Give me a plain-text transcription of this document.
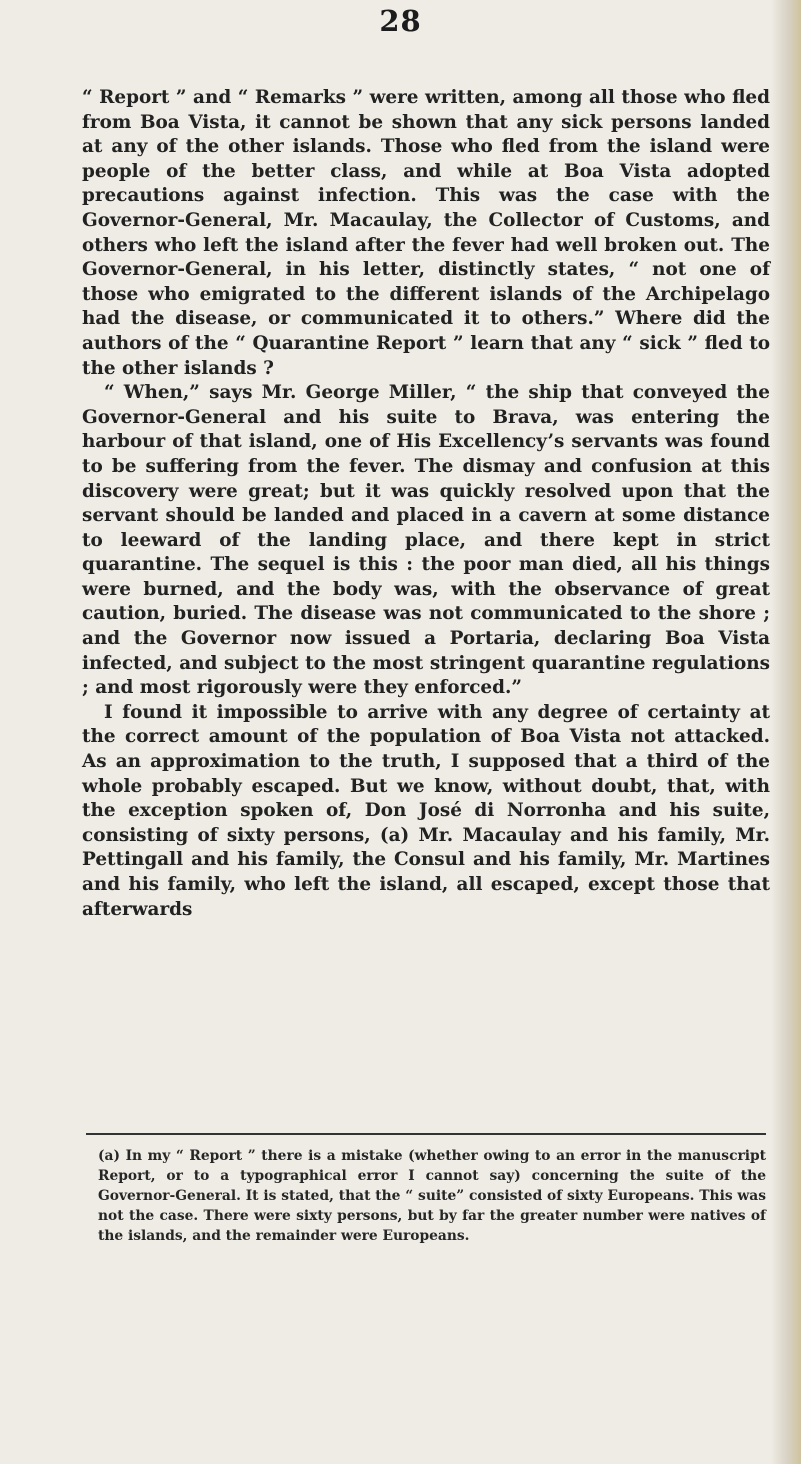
28

“ Report ” and “ Remarks ” were written, among all those who fled from Boa Vista, it cannot be shown that any sick persons landed at any of the other islands. Those who fled from the island were people of the better class, and while at Boa Vista adopted precautions against infection. This was the case with the Governor-General, Mr. Macaulay, the Collector of Customs, and others who left the island after the fever had well broken out. The Governor-General, in his letter, distinctly states, “ not one of those who emigrated to the different islands of the Archipelago had the disease, or communicated it to others.” Where did the authors of the “ Quarantine Report ” learn that any “ sick ” fled to the other islands ?

“ When,” says Mr. George Miller, “ the ship that conveyed the Governor-General and his suite to Brava, was entering the harbour of that island, one of His Excellency’s servants was found to be suffering from the fever. The dismay and confusion at this discovery were great; but it was quickly resolved upon that the servant should be landed and placed in a cavern at some distance to leeward of the landing place, and there kept in strict quarantine. The sequel is this : the poor man died, all his things were burned, and the body was, with the observance of great caution, buried. The disease was not communicated to the shore ; and the Governor now issued a Portaria, declaring Boa Vista infected, and subject to the most stringent quarantine regulations ; and most rigorously were they enforced.”

I found it impossible to arrive with any degree of certainty at the correct amount of the population of Boa Vista not attacked. As an approximation to the truth, I supposed that a third of the whole probably escaped. But we know, without doubt, that, with the exception spoken of, Don José di Norronha and his suite, consisting of sixty persons, (a) Mr. Macaulay and his family, Mr. Pettingall and his family, the Consul and his family, Mr. Martines and his family, who left the island, all escaped, except those that afterwards

(a) In my “ Report ” there is a mistake (whether owing to an error in the manuscript Report, or to a typographical error I cannot say) concerning the suite of the Governor-General. It is stated, that the “ suite” consisted of sixty Europeans. This was not the case. There were sixty persons, but by far the greater number were natives of the islands, and the remainder were Europeans.
